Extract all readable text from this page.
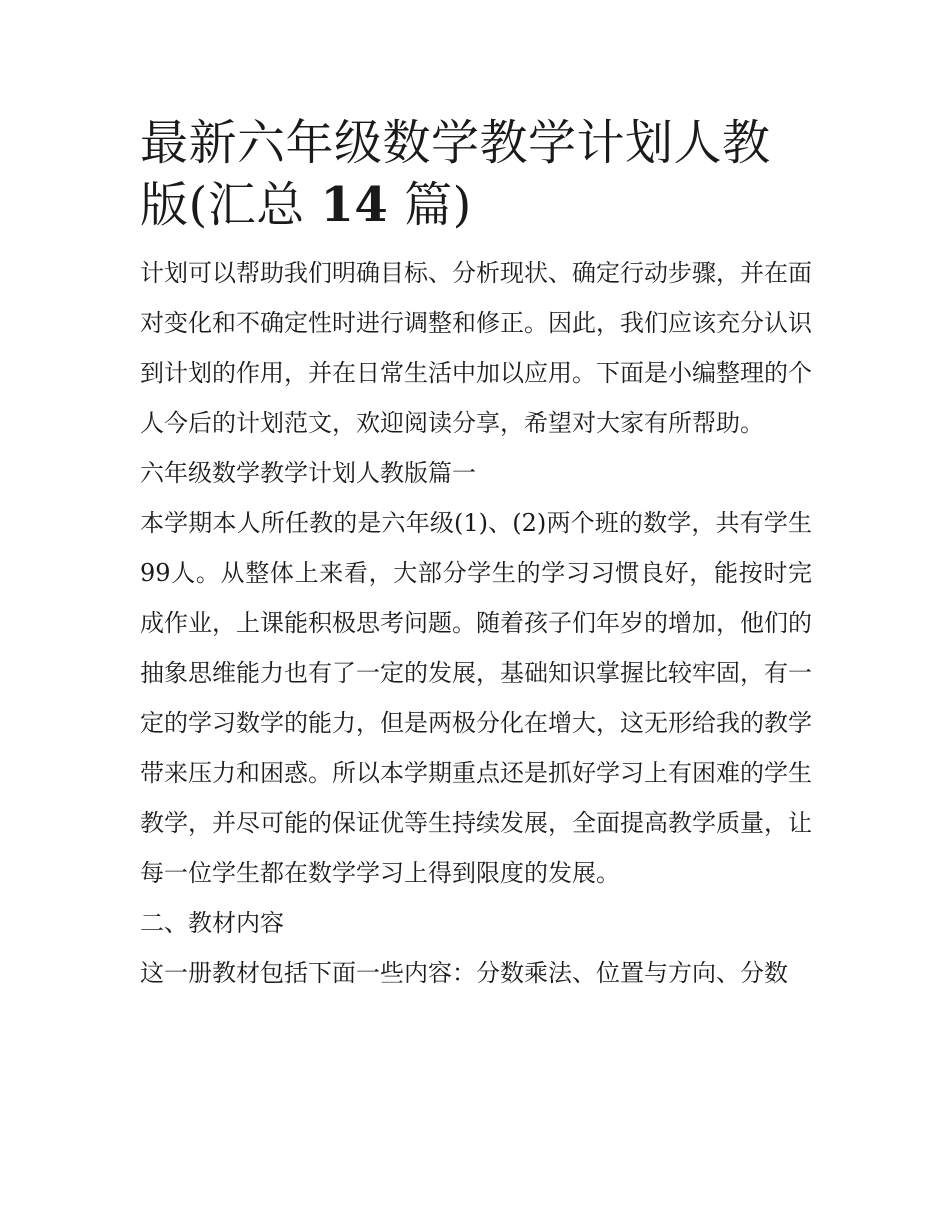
最新六年级数学教学计划人教版(汇总 14 篇)

计划可以帮助我们明确目标、分析现状、确定行动步骤，并在面对变化和不确定性时进行调整和修正。因此，我们应该充分认识到计划的作用，并在日常生活中加以应用。下面是小编整理的个人今后的计划范文，欢迎阅读分享，希望对大家有所帮助。

六年级数学教学计划人教版篇一

本学期本人所任教的是六年级(1)、(2)两个班的数学，共有学生99人。从整体上来看，大部分学生的学习习惯良好，能按时完成作业，上课能积极思考问题。随着孩子们年岁的增加，他们的抽象思维能力也有了一定的发展，基础知识掌握比较牢固，有一定的学习数学的能力，但是两极分化在增大，这无形给我的教学带来压力和困惑。所以本学期重点还是抓好学习上有困难的学生教学，并尽可能的保证优等生持续发展，全面提高教学质量，让每一位学生都在数学学习上得到限度的发展。

二、教材内容

这一册教材包括下面一些内容：分数乘法、位置与方向、分数
